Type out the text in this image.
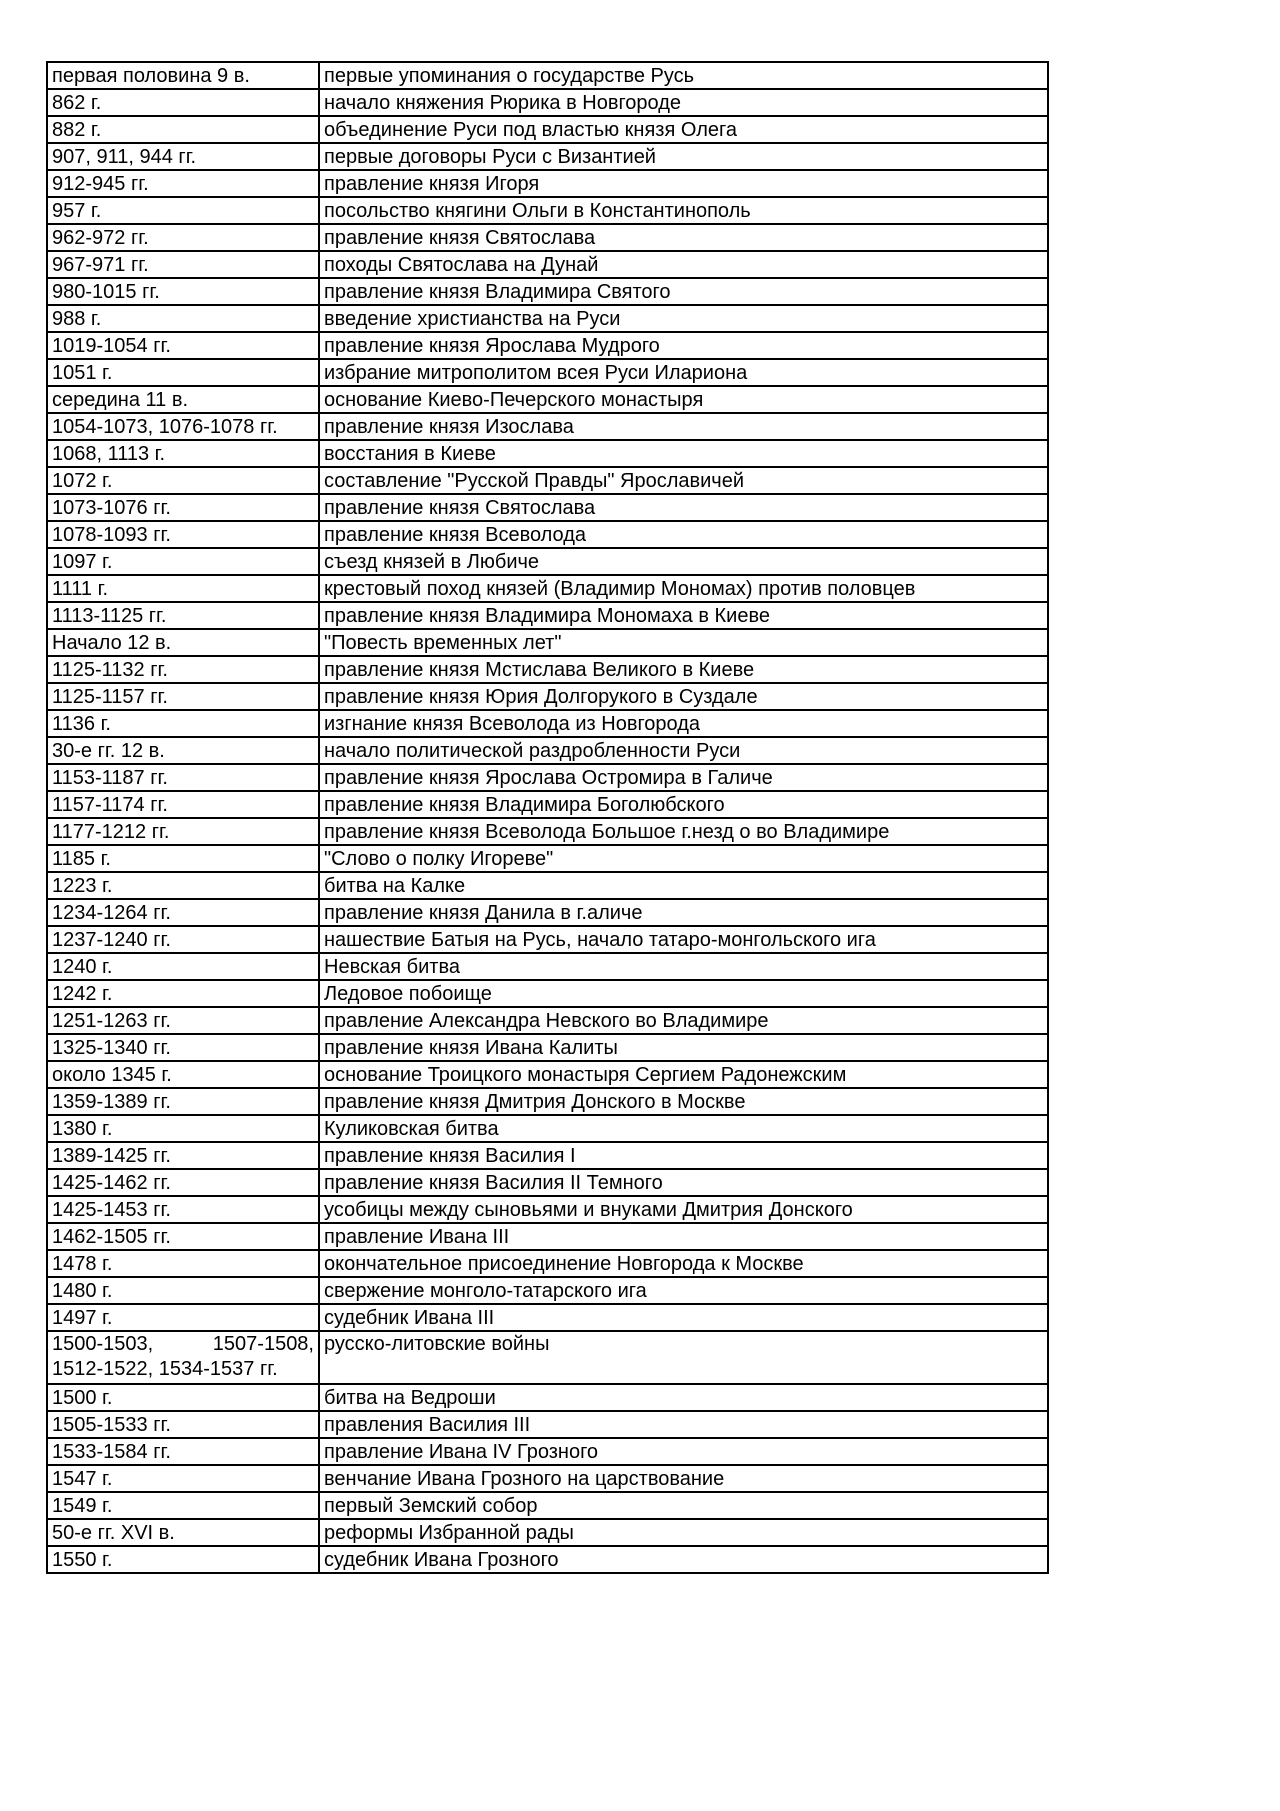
первая половина 9 в.	первые упоминания о государстве Русь
862 г.	начало княжения Рюрика в Новгороде
882 г.	объединение Руси под властью князя Олега
907, 911, 944 гг.	первые договоры Руси с Византией
912-945 гг.	правление князя Игоря
957 г.	посольство княгини Ольги в Константинополь
962-972 гг.	правление князя Святослава
967-971 гг.	походы Святослава на Дунай
980-1015 гг.	правление князя Владимира Святого
988 г.	введение христианства на Руси
1019-1054 гг.	правление князя Ярослава Мудрого
1051 г.	избрание митрополитом всея Руси Илариона
середина 11 в.	основание Киево-Печерского монастыря
1054-1073, 1076-1078 гг.	правление князя Изослава
1068, 1113 г.	восстания в Киеве
1072 г.	составление "Русской Правды" Ярославичей
1073-1076 гг.	правление князя Святослава
1078-1093 гг.	правление князя Всеволода
1097 г.	съезд князей в Любиче
1111 г.	крестовый поход князей (Владимир Мономах) против половцев
1113-1125 гг.	правление князя Владимира Мономаха в Киеве
Начало 12 в.	"Повесть временных лет"
1125-1132 гг.	правление князя Мстислава Великого в Киеве
1125-1157 гг.	правление князя Юрия Долгорукого в Суздале
1136 г.	изгнание князя Всеволода из Новгорода
30-е гг. 12 в.	начало политической раздробленности Руси
1153-1187 гг.	правление князя Ярослава Остромира в Галиче
1157-1174 гг.	правление князя Владимира Боголюбского
1177-1212 гг.	правление князя Всеволода Большое г.незд о во Владимире
1185 г.	"Слово о полку Игореве"
1223 г.	битва на Калке
1234-1264 гг.	правление князя Данила в г.аличе
1237-1240 гг.	нашествие Батыя на Русь, начало татаро-монгольского ига
1240 г.	Невская битва
1242 г.	Ледовое побоище
1251-1263 гг.	правление Александра Невского во Владимире
1325-1340 гг.	правление князя Ивана Калиты
около 1345 г.	основание Троицкого монастыря Сергием Радонежским
1359-1389 гг.	правление князя Дмитрия Донского в Москве
1380 г.	Куликовская битва
1389-1425 гг.	правление князя Василия I
1425-1462 гг.	правление князя Василия II Темного
1425-1453 гг.	усобицы между сыновьями и внуками Дмитрия Донского
1462-1505 гг.	правление Ивана III
1478 г.	окончательное присоединение Новгорода к Москве
1480 г.	свержение монголо-татарского ига
1497 г.	судебник Ивана III
1500-1503, 1507-1508, 1512-1522, 1534-1537 гг.	русско-литовские войны
1500 г.	битва на Ведроши
1505-1533 гг.	правления Василия III
1533-1584 гг.	правление Ивана IV Грозного
1547 г.	венчание Ивана Грозного на царствование
1549 г.	первый Земский собор
50-е гг. XVI в.	реформы Избранной рады
1550 г.	судебник Ивана Грозного
